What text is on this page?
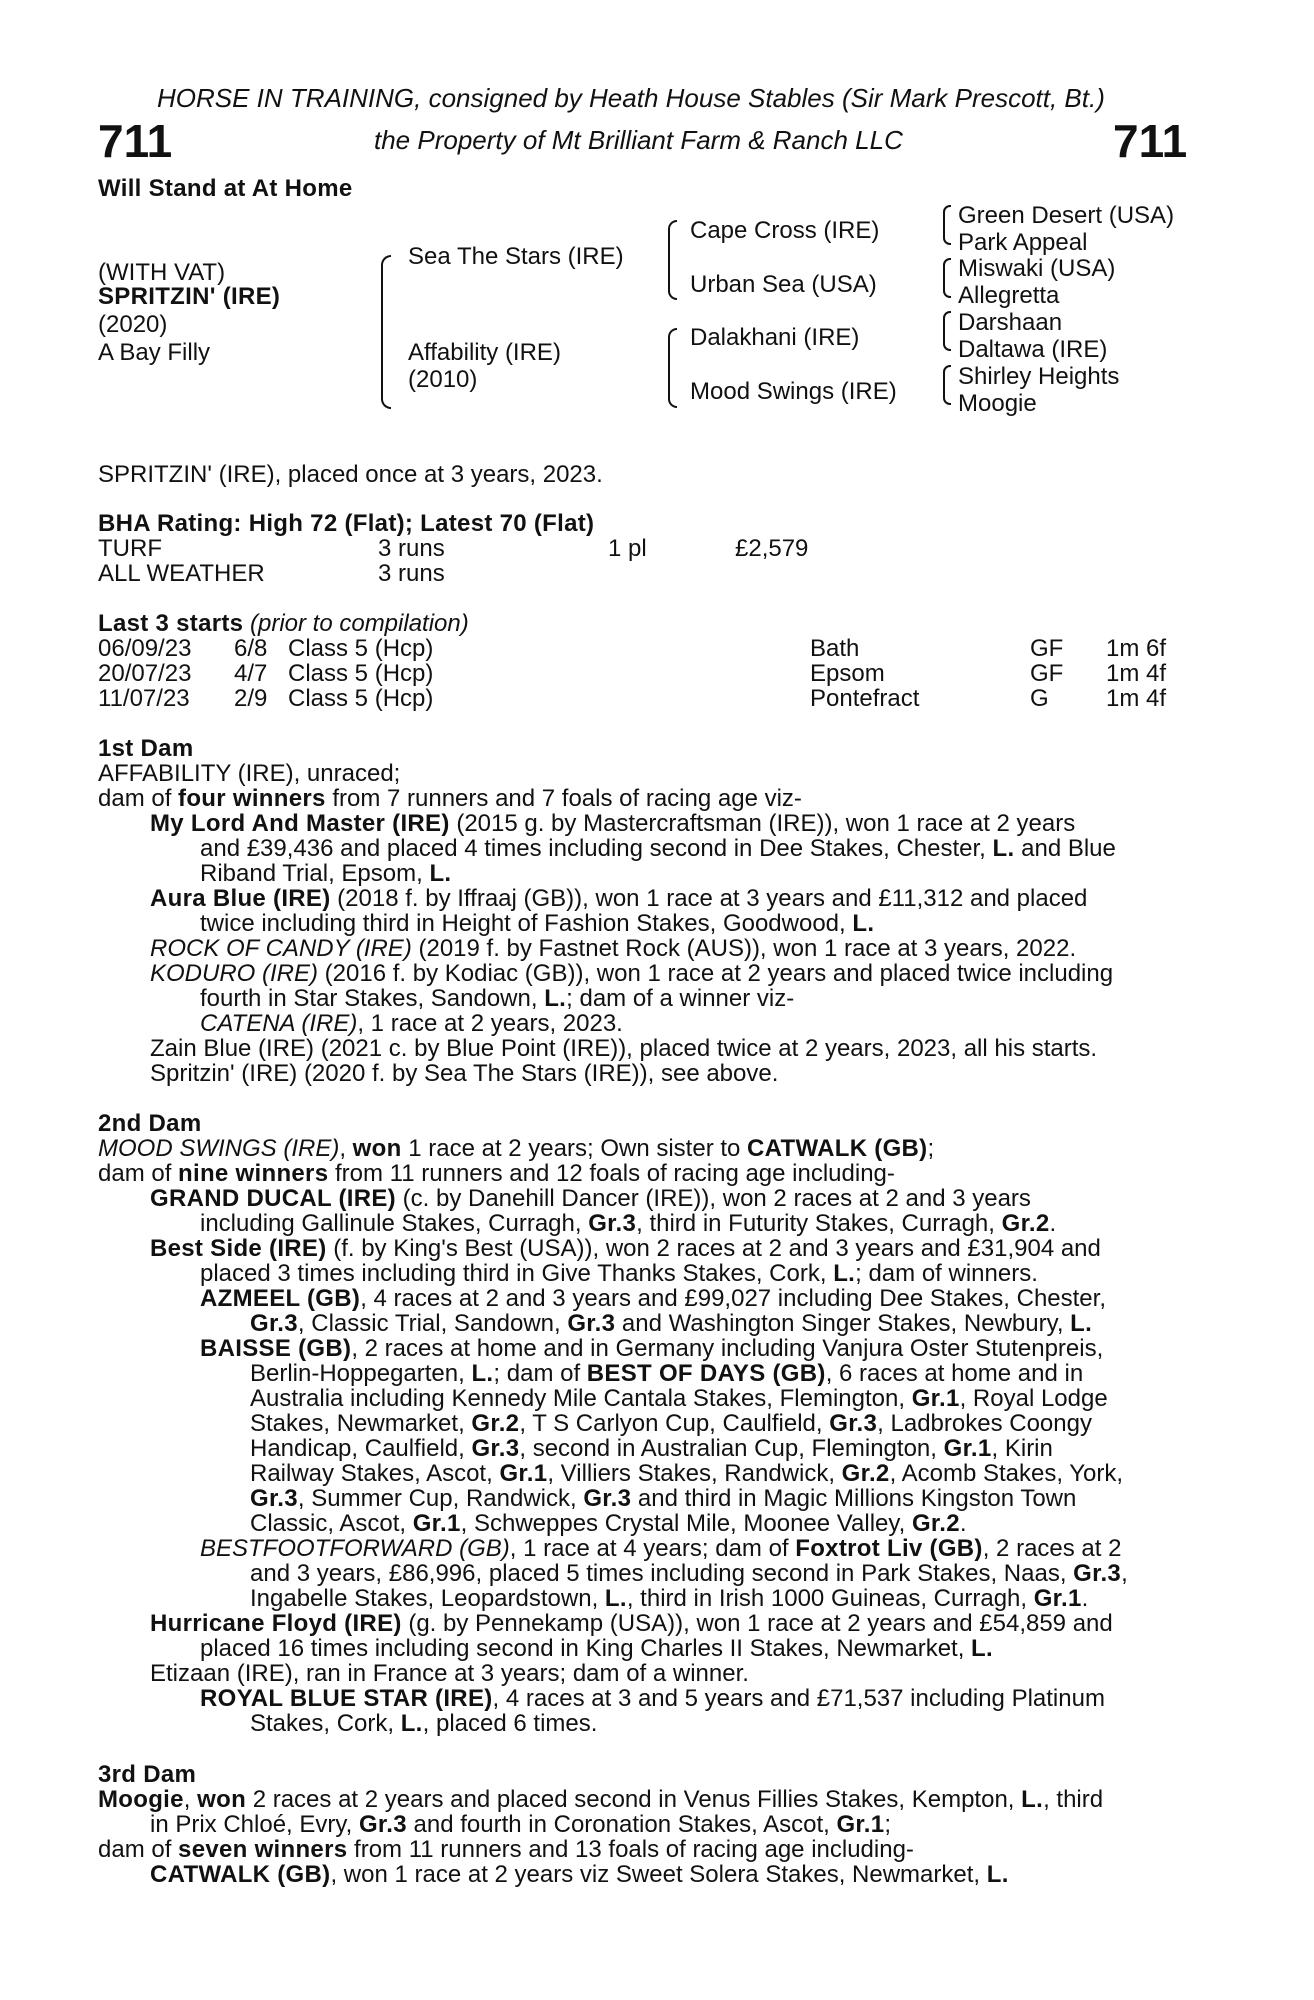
HORSE IN TRAINING, consigned by Heath House Stables (Sir Mark Prescott, Bt.)
711	the Property of Mt Brilliant Farm & Ranch LLC	711
Will Stand at At Home
(WITH VAT)
SPRITZIN' (IRE)
(2020)
A Bay Filly
Sea The Stars (IRE)
Affability (IRE)
(2010)
Cape Cross (IRE)
Urban Sea (USA)
Dalakhani (IRE)
Mood Swings (IRE)
Green Desert (USA)
Park Appeal
Miswaki (USA)
Allegretta
Darshaan
Daltawa (IRE)
Shirley Heights
Moogie
SPRITZIN' (IRE), placed once at 3 years, 2023.
BHA Rating: High 72 (Flat); Latest 70 (Flat)
TURF	3 runs	1 pl	£2,579
ALL WEATHER	3 runs
Last 3 starts (prior to compilation)
06/09/23 6/8 Class 5 (Hcp)	Bath	GF 1m 6f
20/07/23 4/7 Class 5 (Hcp)	Epsom	GF 1m 4f
11/07/23 2/9 Class 5 (Hcp)	Pontefract	G 1m 4f
1st Dam
AFFABILITY (IRE), unraced;
dam of four winners from 7 runners and 7 foals of racing age viz-
My Lord And Master (IRE) (2015 g. by Mastercraftsman (IRE)), won 1 race at 2 years
and £39,436 and placed 4 times including second in Dee Stakes, Chester, L. and Blue
Riband Trial, Epsom, L.
Aura Blue (IRE) (2018 f. by Iffraaj (GB)), won 1 race at 3 years and £11,312 and placed
twice including third in Height of Fashion Stakes, Goodwood, L.
ROCK OF CANDY (IRE) (2019 f. by Fastnet Rock (AUS)), won 1 race at 3 years, 2022.
KODURO (IRE) (2016 f. by Kodiac (GB)), won 1 race at 2 years and placed twice including
fourth in Star Stakes, Sandown, L.; dam of a winner viz-
CATENA (IRE), 1 race at 2 years, 2023.
Zain Blue (IRE) (2021 c. by Blue Point (IRE)), placed twice at 2 years, 2023, all his starts.
Spritzin' (IRE) (2020 f. by Sea The Stars (IRE)), see above.
2nd Dam
MOOD SWINGS (IRE), won 1 race at 2 years; Own sister to CATWALK (GB);
dam of nine winners from 11 runners and 12 foals of racing age including-
GRAND DUCAL (IRE) (c. by Danehill Dancer (IRE)), won 2 races at 2 and 3 years
including Gallinule Stakes, Curragh, Gr.3, third in Futurity Stakes, Curragh, Gr.2.
Best Side (IRE) (f. by King's Best (USA)), won 2 races at 2 and 3 years and £31,904 and
placed 3 times including third in Give Thanks Stakes, Cork, L.; dam of winners.
AZMEEL (GB), 4 races at 2 and 3 years and £99,027 including Dee Stakes, Chester,
Gr.3, Classic Trial, Sandown, Gr.3 and Washington Singer Stakes, Newbury, L.
BAISSE (GB), 2 races at home and in Germany including Vanjura Oster Stutenpreis,
Berlin-Hoppegarten, L.; dam of BEST OF DAYS (GB), 6 races at home and in
Australia including Kennedy Mile Cantala Stakes, Flemington, Gr.1, Royal Lodge
Stakes, Newmarket, Gr.2, T S Carlyon Cup, Caulfield, Gr.3, Ladbrokes Coongy
Handicap, Caulfield, Gr.3, second in Australian Cup, Flemington, Gr.1, Kirin
Railway Stakes, Ascot, Gr.1, Villiers Stakes, Randwick, Gr.2, Acomb Stakes, York,
Gr.3, Summer Cup, Randwick, Gr.3 and third in Magic Millions Kingston Town
Classic, Ascot, Gr.1, Schweppes Crystal Mile, Moonee Valley, Gr.2.
BESTFOOTFORWARD (GB), 1 race at 4 years; dam of Foxtrot Liv (GB), 2 races at 2
and 3 years, £86,996, placed 5 times including second in Park Stakes, Naas, Gr.3,
Ingabelle Stakes, Leopardstown, L., third in Irish 1000 Guineas, Curragh, Gr.1.
Hurricane Floyd (IRE) (g. by Pennekamp (USA)), won 1 race at 2 years and £54,859 and
placed 16 times including second in King Charles II Stakes, Newmarket, L.
Etizaan (IRE), ran in France at 3 years; dam of a winner.
ROYAL BLUE STAR (IRE), 4 races at 3 and 5 years and £71,537 including Platinum
Stakes, Cork, L., placed 6 times.
3rd Dam
Moogie, won 2 races at 2 years and placed second in Venus Fillies Stakes, Kempton, L., third
in Prix Chloé, Evry, Gr.3 and fourth in Coronation Stakes, Ascot, Gr.1;
dam of seven winners from 11 runners and 13 foals of racing age including-
CATWALK (GB), won 1 race at 2 years viz Sweet Solera Stakes, Newmarket, L.
